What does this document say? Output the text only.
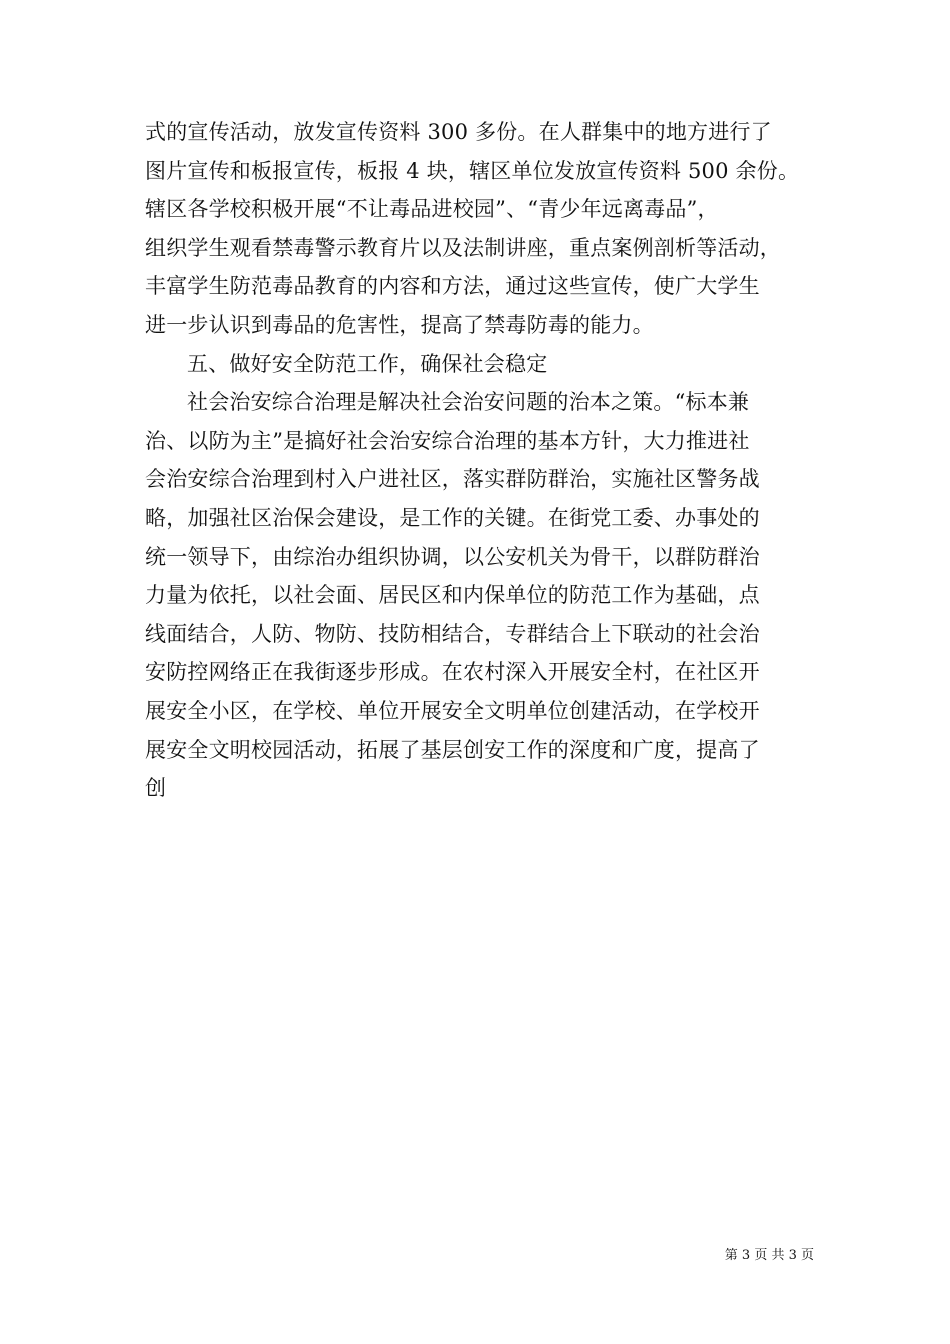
式的宣传活动，放发宣传资料 300 多份。在人群集中的地方进行了
图片宣传和板报宣传，板报 4 块，辖区单位发放宣传资料 500 余份。
辖区各学校积极开展“不让毒品进校园”、“青少年远离毒品”，
组织学生观看禁毒警示教育片以及法制讲座，重点案例剖析等活动，
丰富学生防范毒品教育的内容和方法，通过这些宣传，使广大学生
进一步认识到毒品的危害性，提高了禁毒防毒的能力。
五、做好安全防范工作，确保社会稳定
社会治安综合治理是解决社会治安问题的治本之策。“标本兼
治、以防为主”是搞好社会治安综合治理的基本方针，大力推进社
会治安综合治理到村入户进社区，落实群防群治，实施社区警务战
略，加强社区治保会建设，是工作的关键。在街党工委、办事处的
统一领导下，由综治办组织协调，以公安机关为骨干，以群防群治
力量为依托，以社会面、居民区和内保单位的防范工作为基础，点
线面结合，人防、物防、技防相结合，专群结合上下联动的社会治
安防控网络正在我街逐步形成。在农村深入开展安全村，在社区开
展安全小区，在学校、单位开展安全文明单位创建活动，在学校开
展安全文明校园活动，拓展了基层创安工作的深度和广度，提高了
创
第 3 页 共 3 页
